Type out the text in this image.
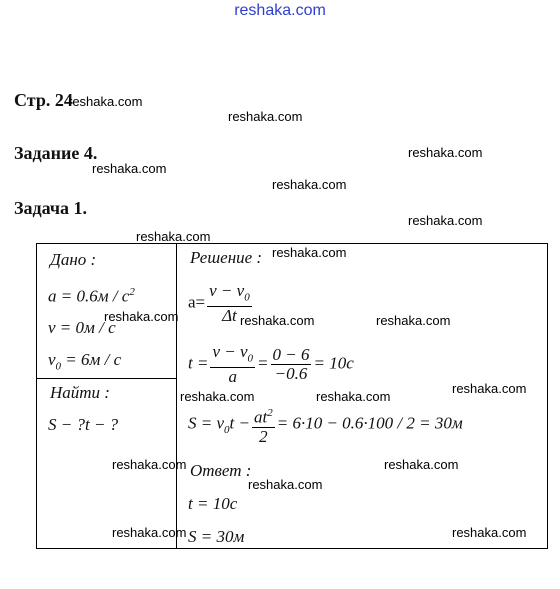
reshaka.com
Стр. 24
Задание 4.
Задача 1.
Дано :
$a = 0.6м / c^2$
v = 0м / c
$v_0 = 6м / c$
Найти :
S − ?t − ?
Решение :
$a= \frac{v - v_0}{\Delta t}$
$t = \frac{v - v_0}{a} = \frac{0 - 6}{-0.6} = 10c$
$S = v_0t - \frac{at^2}{2} = 6\cdot 10 - 0.6\cdot 100 / 2 = 30м$
Ответ :
t = 10c
S = 30м
reshaka.com
reshaka.com
reshaka.com
reshaka.com
reshaka.com
reshaka.com
reshaka.com
reshaka.com
reshaka.com	reshaka.com	reshaka.com
reshaka.com
reshaka.com	reshaka.com
reshaka.com	reshaka.com
reshaka.com
reshaka.com	reshaka.com
